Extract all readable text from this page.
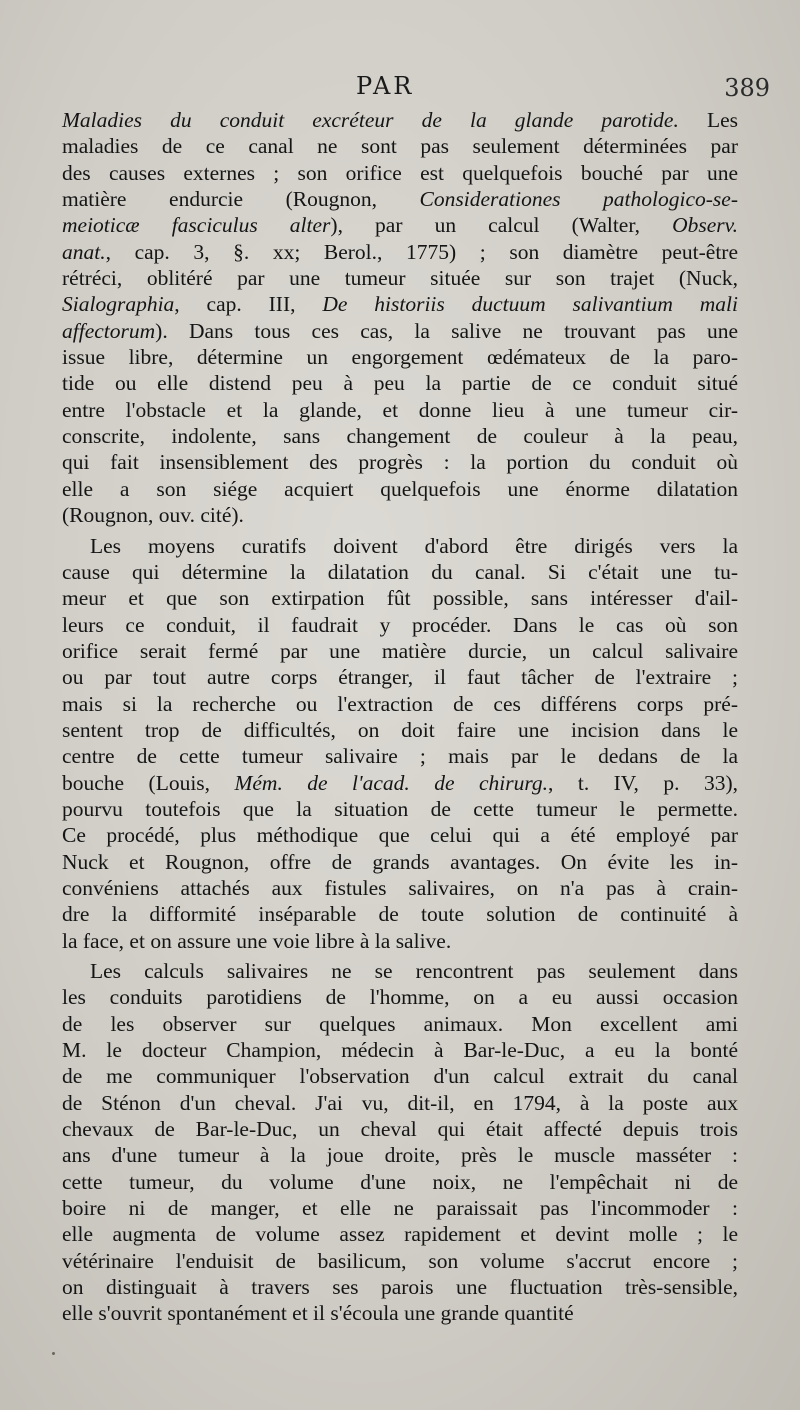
PAR	389
Maladies du conduit excréteur de la glande parotide. Les
maladies de ce canal ne sont pas seulement déterminées par
des causes externes ; son orifice est quelquefois bouché par une
matière endurcie (Rougnon, Considerationes pathologico-se-
meioticæ fasciculus alter), par un calcul (Walter, Observ.
anat., cap. 3, §. xx; Berol., 1775) ; son diamètre peut-être
rétréci, oblitéré par une tumeur située sur son trajet (Nuck,
Sialographia, cap. III, De historiis ductuum salivantium mali
affectorum). Dans tous ces cas, la salive ne trouvant pas une
issue libre, détermine un engorgement œdémateux de la paro-
tide ou elle distend peu à peu la partie de ce conduit situé
entre l'obstacle et la glande, et donne lieu à une tumeur cir-
conscrite, indolente, sans changement de couleur à la peau,
qui fait insensiblement des progrès : la portion du conduit où
elle a son siége acquiert quelquefois une énorme dilatation
(Rougnon, ouv. cité).
Les moyens curatifs doivent d'abord être dirigés vers la
cause qui détermine la dilatation du canal. Si c'était une tu-
meur et que son extirpation fût possible, sans intéresser d'ail-
leurs ce conduit, il faudrait y procéder. Dans le cas où son
orifice serait fermé par une matière durcie, un calcul salivaire
ou par tout autre corps étranger, il faut tâcher de l'extraire ;
mais si la recherche ou l'extraction de ces différens corps pré-
sentent trop de difficultés, on doit faire une incision dans le
centre de cette tumeur salivaire ; mais par le dedans de la
bouche (Louis, Mém. de l'acad. de chirurg., t. IV, p. 33),
pourvu toutefois que la situation de cette tumeur le permette.
Ce procédé, plus méthodique que celui qui a été employé par
Nuck et Rougnon, offre de grands avantages. On évite les in-
convéniens attachés aux fistules salivaires, on n'a pas à crain-
dre la difformité inséparable de toute solution de continuité à
la face, et on assure une voie libre à la salive.
Les calculs salivaires ne se rencontrent pas seulement dans
les conduits parotidiens de l'homme, on a eu aussi occasion
de les observer sur quelques animaux. Mon excellent ami
M. le docteur Champion, médecin à Bar-le-Duc, a eu la bonté
de me communiquer l'observation d'un calcul extrait du canal
de Sténon d'un cheval. J'ai vu, dit-il, en 1794, à la poste aux
chevaux de Bar-le-Duc, un cheval qui était affecté depuis trois
ans d'une tumeur à la joue droite, près le muscle masséter :
cette tumeur, du volume d'une noix, ne l'empêchait ni de
boire ni de manger, et elle ne paraissait pas l'incommoder :
elle augmenta de volume assez rapidement et devint molle ; le
vétérinaire l'enduisit de basilicum, son volume s'accrut encore ;
on distinguait à travers ses parois une fluctuation très-sensible,
elle s'ouvrit spontanément et il s'écoula une grande quantité
